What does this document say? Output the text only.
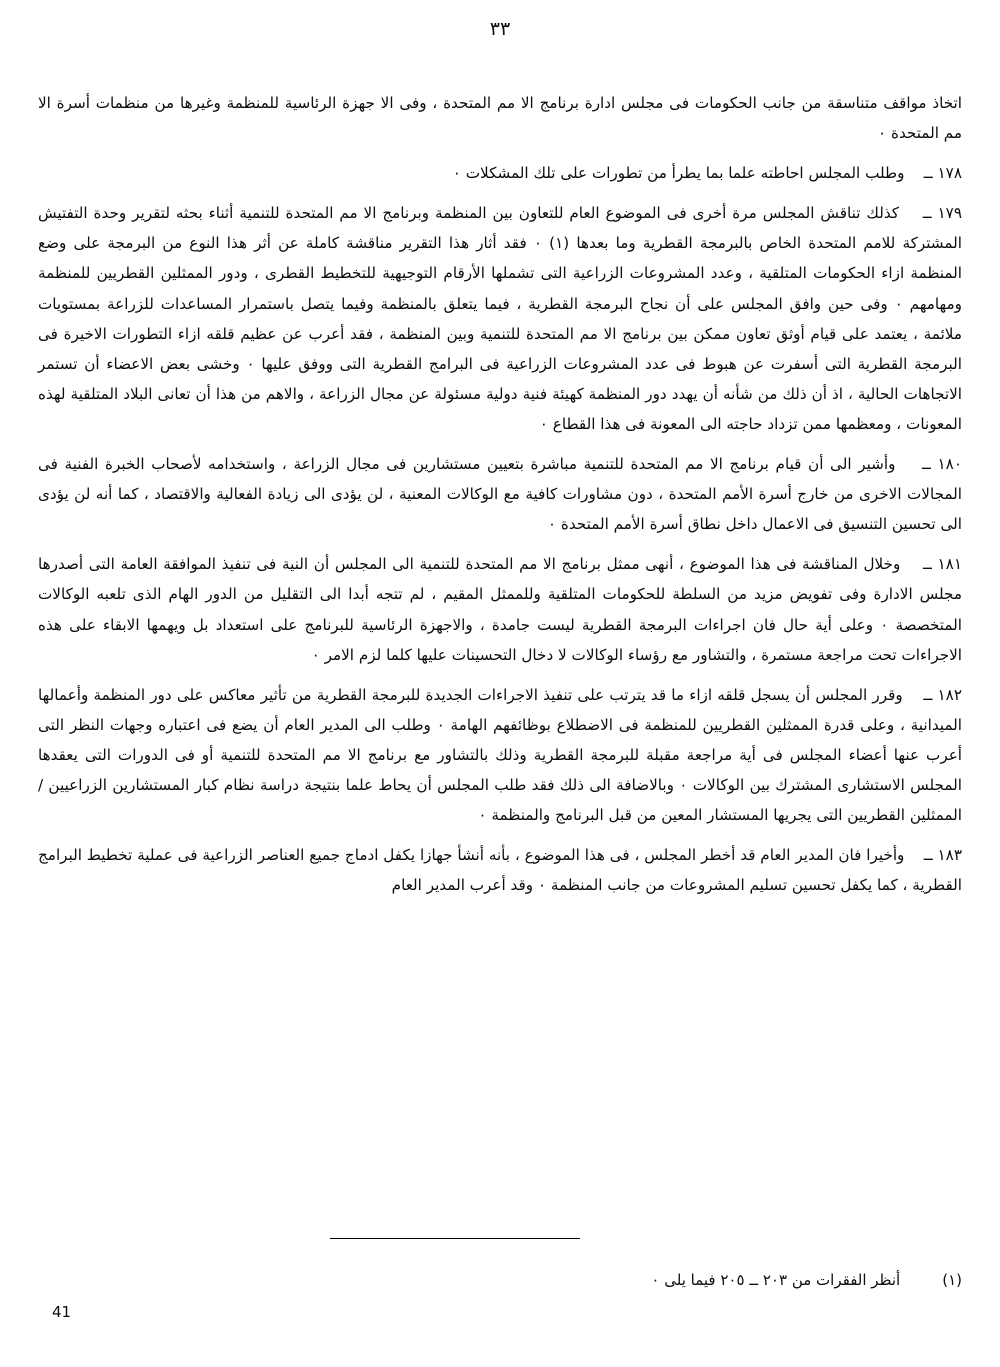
٣٣

اتخاذ مواقف متناسقة من جانب الحكومات فى مجلس ادارة برنامج الا مم المتحدة ، وفى الا جهزة الرئاسية للمنظمة وغيرها من منظمات أسرة الا مم المتحدة ٠

١٧٨ ــ    وطلب المجلس احاطته علما بما يطرأ من تطورات على تلك المشكلات ٠

١٧٩ ــ    كذلك تناقش المجلس مرة أخرى فى الموضوع العام للتعاون بين المنظمة وبرنامج الا مم المتحدة للتنمية أثناء بحثه لتقرير وحدة التفتيش المشتركة للامم المتحدة الخاص بالبرمجة القطرية وما بعدها (١) ٠ فقد أثار هذا التقرير مناقشة كاملة عن أثر هذا النوع من البرمجة على وضع المنظمة ازاء الحكومات المتلقية ، وعدد المشروعات الزراعية التى تشملها الأرقام التوجيهية للتخطيط القطرى ، ودور الممثلين القطريين للمنظمة ومهامهم ٠ وفى حين وافق المجلس على أن نجاح البرمجة القطرية ، فيما يتعلق بالمنظمة وفيما يتصل باستمرار المساعدات للزراعة بمستويات ملائمة ، يعتمد على قيام أوثق تعاون ممكن بين برنامج الا مم المتحدة للتنمية وبين المنظمة ، فقد أعرب عن عظيم قلقه ازاء التطورات الاخيرة فى البرمجة القطرية التى أسفرت عن هبوط فى عدد المشروعات الزراعية فى البرامج القطرية التى ووفق عليها ٠ وخشى بعض الاعضاء أن تستمر الاتجاهات الحالية ، اذ أن ذلك من شأنه أن يهدد دور المنظمة كهيئة فنية دولية مسئولة عن مجال الزراعة ، والاهم من هذا أن تعانى البلاد المتلقية لهذه المعونات ، ومعظمها ممن تزداد حاجته الى المعونة فى هذا القطاع ٠

١٨٠ ــ    وأشير الى أن قيام برنامج الا مم المتحدة للتنمية مباشرة بتعيين مستشارين فى مجال الزراعة ، واستخدامه لأصحاب الخبرة الفنية فى المجالات الاخرى من خارج أسرة الأمم المتحدة ، دون مشاورات كافية مع الوكالات المعنية ، لن يؤدى الى زيادة الفعالية والاقتصاد ، كما أنه لن يؤدى الى تحسين التنسيق فى الاعمال داخل نطاق أسرة الأمم المتحدة ٠

١٨١ ــ    وخلال المناقشة فى هذا الموضوع ، أنهى ممثل برنامج الا مم المتحدة للتنمية الى المجلس أن النية فى تنفيذ الموافقة العامة التى أصدرها مجلس الادارة وفى تفويض مزيد من السلطة للحكومات المتلقية وللممثل المقيم ، لم تتجه أبدا الى التقليل من الدور الهام الذى تلعبه الوكالات المتخصصة ٠ وعلى أية حال فان اجراءات البرمجة القطرية ليست جامدة ، والاجهزة الرئاسية للبرنامج على استعداد بل ويهمها الابقاء على هذه الاجراءات تحت مراجعة مستمرة ، والتشاور مع رؤساء الوكالات لا دخال التحسينات عليها كلما لزم الامر ٠

١٨٢ ــ    وقرر المجلس أن يسجل قلقه ازاء ما قد يترتب على تنفيذ الاجراءات الجديدة للبرمجة القطرية من تأثير معاكس على دور المنظمة وأعمالها الميدانية ، وعلى قدرة الممثلين القطريين للمنظمة فى الاضطلاع بوظائفهم الهامة ٠ وطلب الى المدير العام أن يضع فى اعتباره وجهات النظر التى أعرب عنها أعضاء المجلس فى أية مراجعة مقبلة للبرمجة القطرية وذلك بالتشاور مع برنامج الا مم المتحدة للتنمية أو فى الدورات التى يعقدها المجلس الاستشارى المشترك بين الوكالات ٠ وبالاضافة الى ذلك فقد طلب المجلس أن يحاط علما بنتيجة دراسة نظام كبار المستشارين الزراعيين / الممثلين القطريين التى يجريها المستشار المعين من قبل البرنامج والمنظمة ٠

١٨٣ ــ    وأخيرا فان المدير العام قد أخطر المجلس ، فى هذا الموضوع ، بأنه أنشأ جهازا يكفل ادماج جميع العناصر الزراعية فى عملية تخطيط البرامج القطرية ، كما يكفل تحسين تسليم المشروعات من جانب المنظمة ٠ وقد أعرب المدير العام

(١)أنظر الفقرات من ٢٠٣ ــ ٢٠٥ فيما يلى ٠
41
